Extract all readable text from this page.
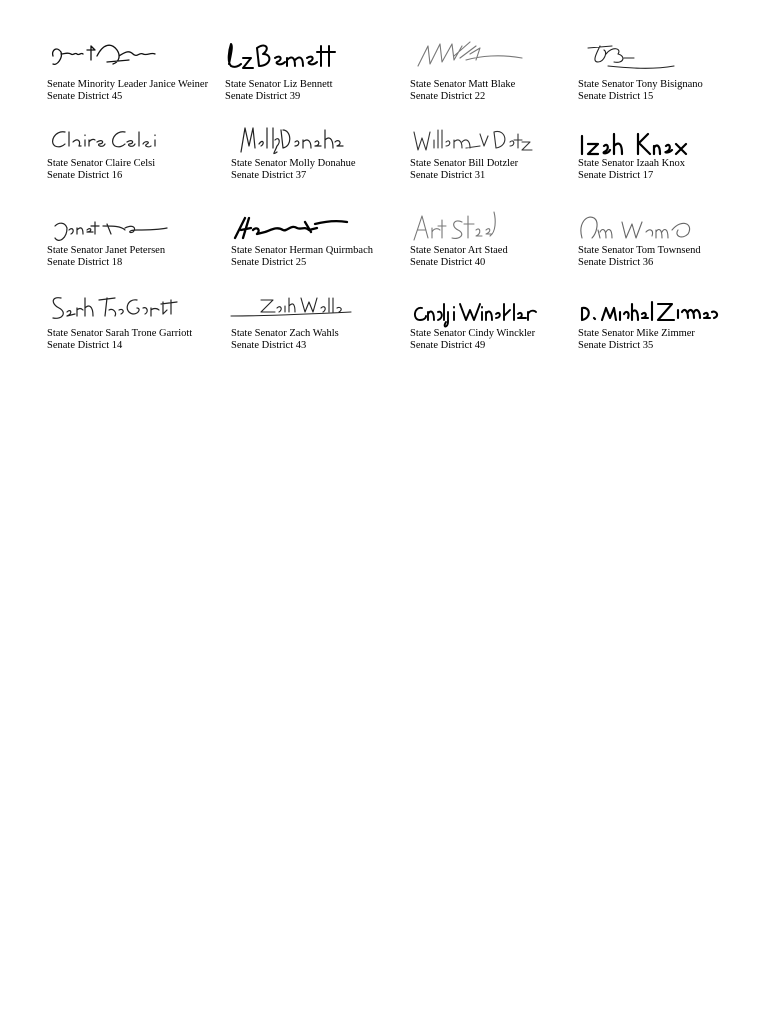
Senate Minority Leader Janice Weiner
Senate District 45
State Senator Liz Bennett
Senate District 39
State Senator Matt Blake
Senate District 22
State Senator Tony Bisignano
Senate District 15
State Senator Claire Celsi
Senate District 16
State Senator Molly Donahue
Senate District 37
State Senator Bill Dotzler
Senate District 31
State Senator Izaah Knox
Senate District 17
State Senator Janet Petersen
Senate District 18
State Senator Herman Quirmbach
Senate District 25
State Senator Art Staed
Senate District 40
State Senator Tom Townsend
Senate District 36
State Senator Sarah Trone Garriott
Senate District 14
State Senator Zach Wahls
Senate District 43
State Senator Cindy Winckler
Senate District 49
State Senator Mike Zimmer
Senate District 35
